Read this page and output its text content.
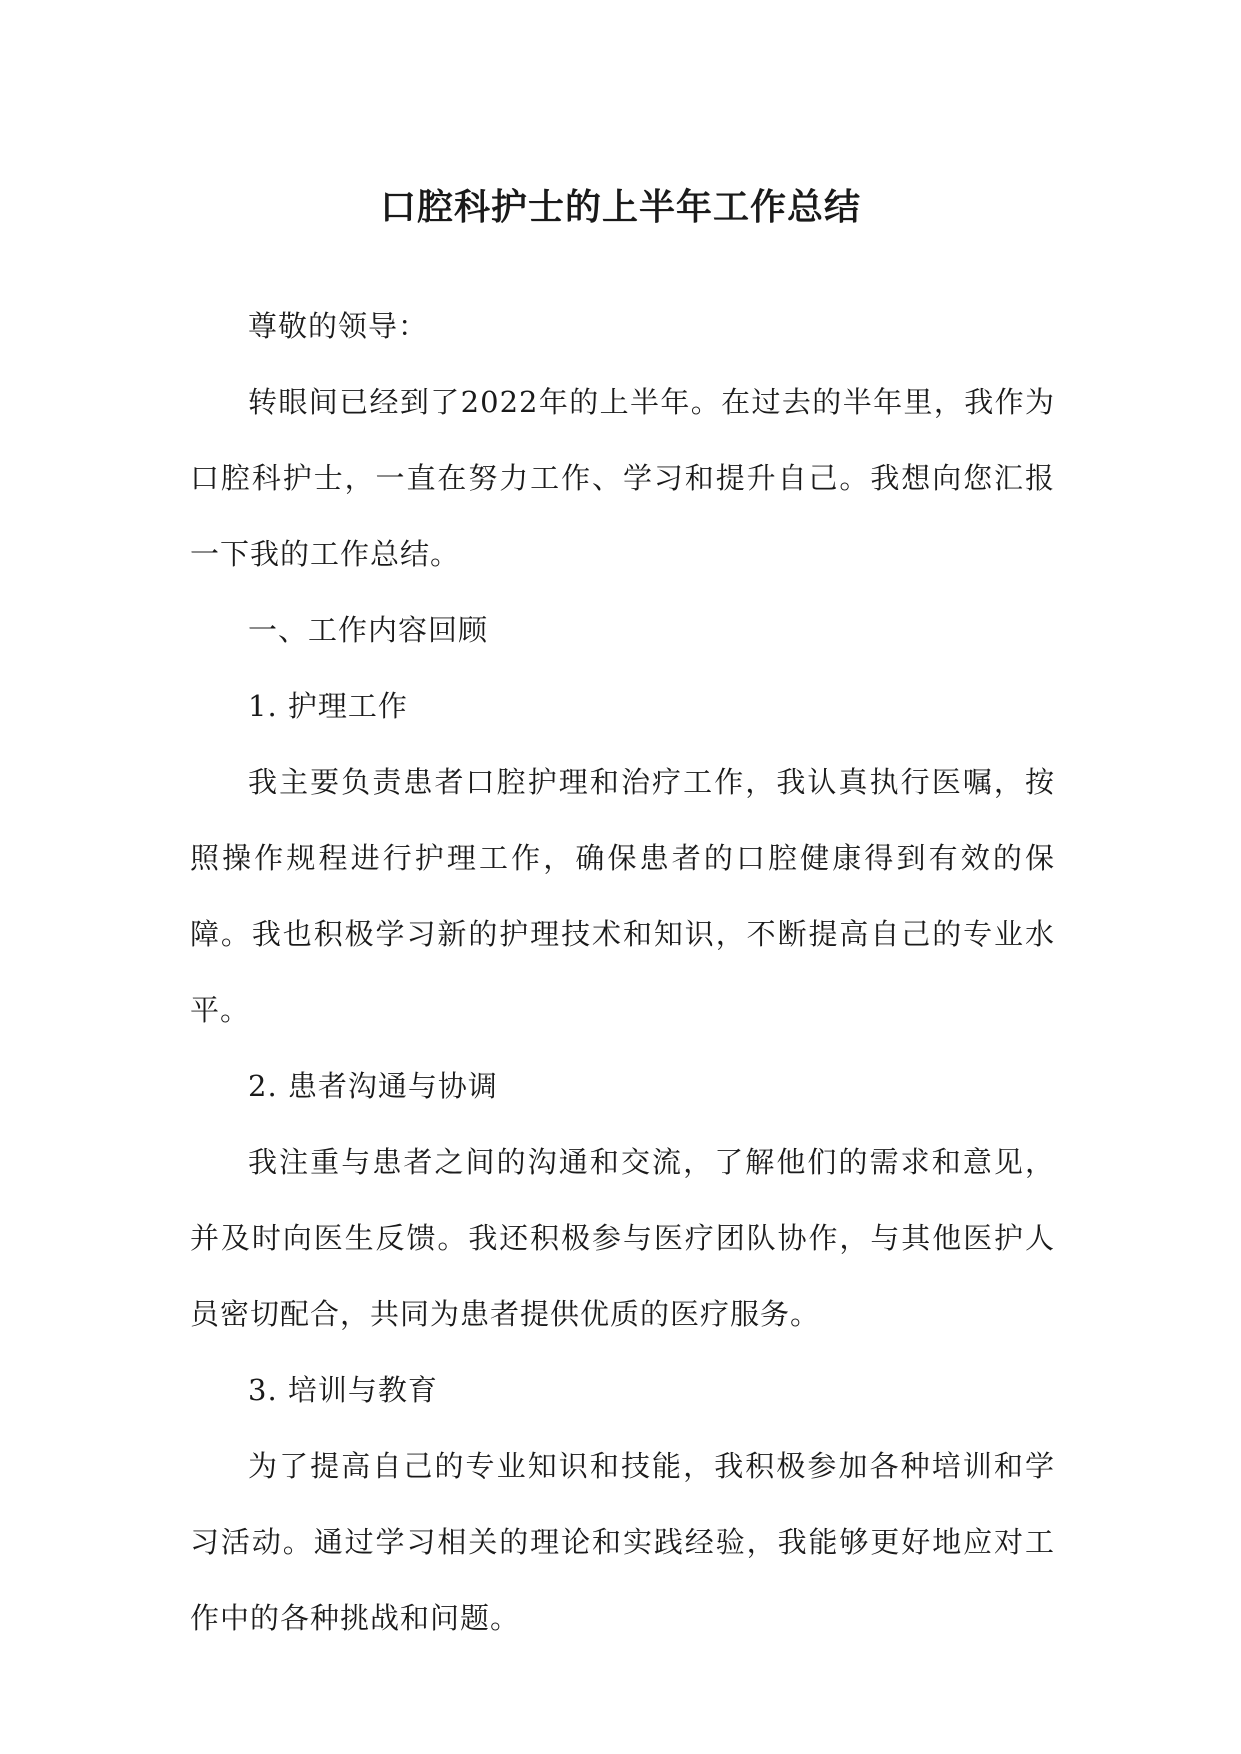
口腔科护士的上半年工作总结

尊敬的领导：

转眼间已经到了2022年的上半年。在过去的半年里，我作为口腔科护士，一直在努力工作、学习和提升自己。我想向您汇报一下我的工作总结。

一、工作内容回顾

1. 护理工作

我主要负责患者口腔护理和治疗工作，我认真执行医嘱，按照操作规程进行护理工作，确保患者的口腔健康得到有效的保障。我也积极学习新的护理技术和知识，不断提高自己的专业水平。

2. 患者沟通与协调

我注重与患者之间的沟通和交流，了解他们的需求和意见，并及时向医生反馈。我还积极参与医疗团队协作，与其他医护人员密切配合，共同为患者提供优质的医疗服务。

3. 培训与教育

为了提高自己的专业知识和技能，我积极参加各种培训和学习活动。通过学习相关的理论和实践经验，我能够更好地应对工作中的各种挑战和问题。
